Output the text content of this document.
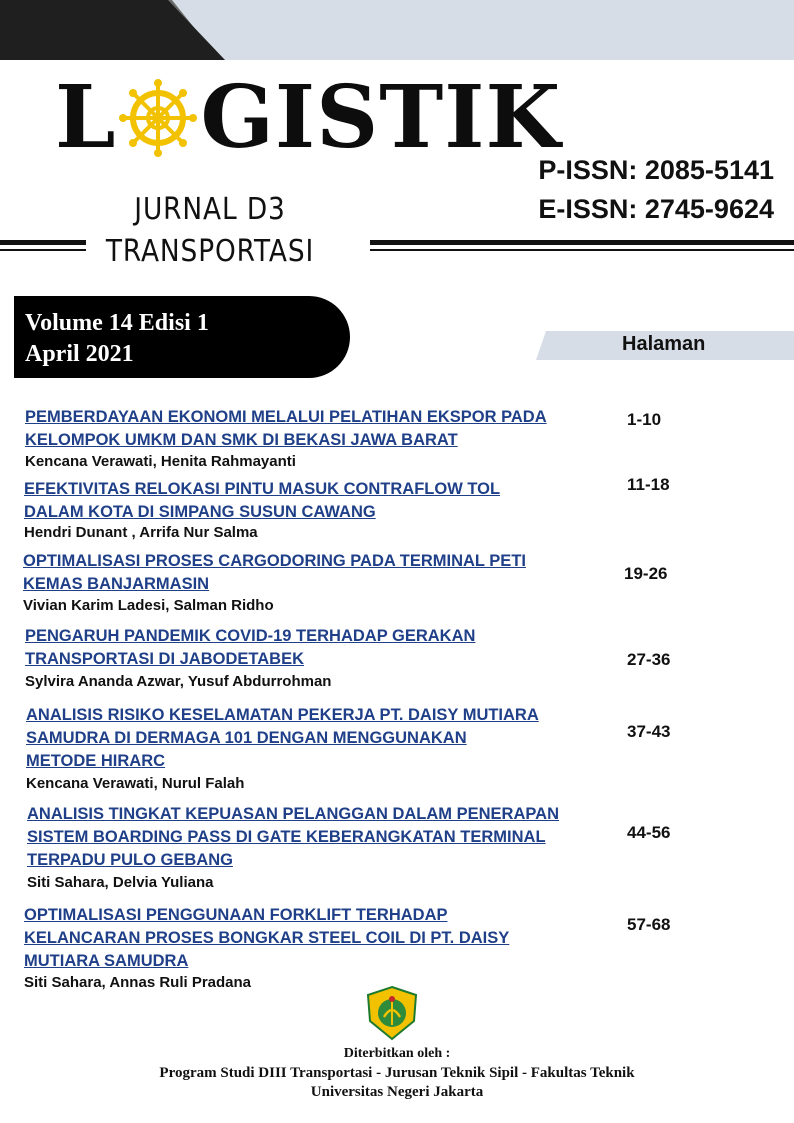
L GISTIK
P-ISSN: 2085-5141
E-ISSN: 2745-9624
JURNAL D3
TRANSPORTASI
Volume 14 Edisi 1
April 2021	Halaman
PEMBERDAYAAN EKONOMI MELALUI PELATIHAN EKSPOR PADA
KELOMPOK UMKM DAN SMK DI BEKASI JAWA BARAT
Kencana Verawati, Henita Rahmayanti
1-10
EFEKTIVITAS RELOKASI PINTU MASUK CONTRAFLOW TOL
DALAM KOTA DI SIMPANG SUSUN CAWANG
Hendri Dunant , Arrifa Nur Salma
11-18
OPTIMALISASI PROSES CARGODORING PADA TERMINAL PETI
KEMAS BANJARMASIN
Vivian Karim Ladesi, Salman Ridho
19-26
PENGARUH PANDEMIK COVID-19 TERHADAP GERAKAN
TRANSPORTASI DI JABODETABEK
Sylvira Ananda Azwar, Yusuf Abdurrohman
27-36
ANALISIS RISIKO KESELAMATAN PEKERJA PT. DAISY MUTIARA
SAMUDRA DI DERMAGA 101 DENGAN MENGGUNAKAN
METODE HIRARC
Kencana Verawati, Nurul Falah
37-43
ANALISIS TINGKAT KEPUASAN PELANGGAN DALAM PENERAPAN
SISTEM BOARDING PASS DI GATE KEBERANGKATAN TERMINAL
TERPADU PULO GEBANG
Siti Sahara, Delvia Yuliana
44-56
OPTIMALISASI PENGGUNAAN FORKLIFT TERHADAP
KELANCARAN PROSES BONGKAR STEEL COIL DI PT. DAISY
MUTIARA SAMUDRA
Siti Sahara, Annas Ruli Pradana
57-68
Diterbitkan oleh :
Program Studi DIII Transportasi - Jurusan Teknik Sipil - Fakultas Teknik
Universitas Negeri Jakarta
